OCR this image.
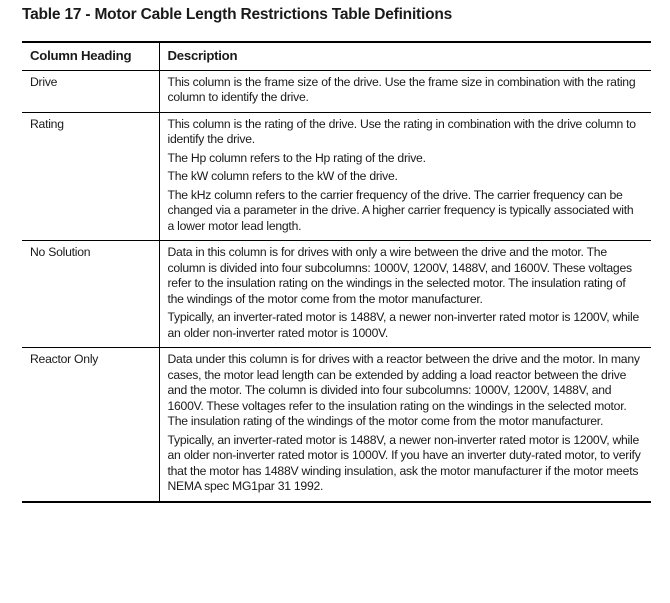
Table 17 - Motor Cable Length Restrictions Table Definitions
Column Heading	Description
Drive	This column is the frame size of the drive. Use the frame size in combination with the rating column to identify the drive.

Rating	This column is the rating of the drive. Use the rating in combination with the drive column to identify the drive.

The Hp column refers to the Hp rating of the drive.

The kW column refers to the kW of the drive.

The kHz column refers to the carrier frequency of the drive. The carrier frequency can be changed via a parameter in the drive. A higher carrier frequency is typically associated with a lower motor lead length.

No Solution	Data in this column is for drives with only a wire between the drive and the motor. The column is divided into four subcolumns: 1000V, 1200V, 1488V, and 1600V. These voltages refer to the insulation rating on the windings in the selected motor. The insulation rating of the windings of the motor come from the motor manufacturer.

Typically, an inverter-rated motor is 1488V, a newer non-inverter rated motor is 1200V, while an older non-inverter rated motor is 1000V.

Reactor Only	Data under this column is for drives with a reactor between the drive and the motor. In many cases, the motor lead length can be extended by adding a load reactor between the drive and the motor. The column is divided into four subcolumns: 1000V, 1200V, 1488V, and 1600V. These voltages refer to the insulation rating on the windings in the selected motor. The insulation rating of the windings of the motor come from the motor manufacturer.

Typically, an inverter-rated motor is 1488V, a newer non-inverter rated motor is 1200V, while an older non-inverter rated motor is 1000V. If you have an inverter duty-rated motor, to verify that the motor has 1488V winding insulation, ask the motor manufacturer if the motor meets NEMA spec MG1par 31 1992.
